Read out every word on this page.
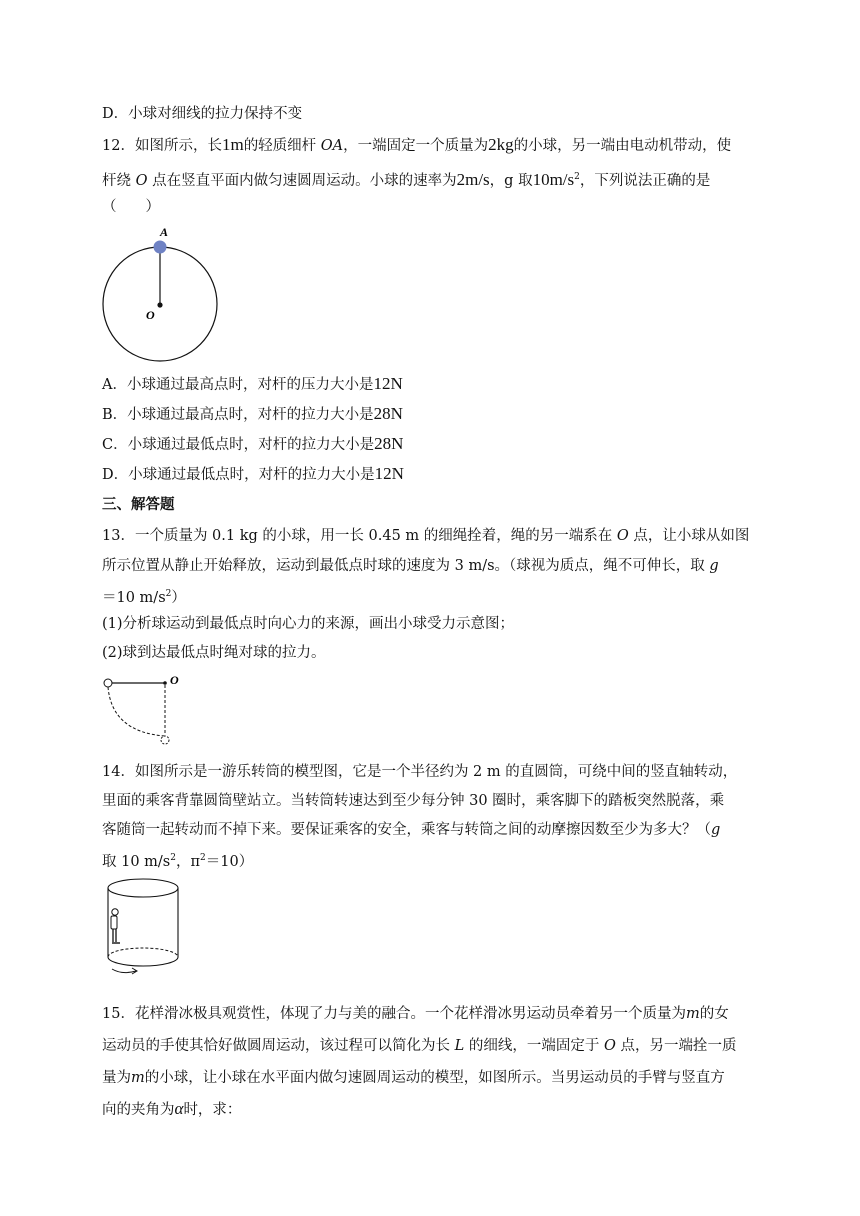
D．小球对细线的拉力保持不变
12．如图所示，长1m的轻质细杆 OA，一端固定一个质量为2kg的小球，另一端由电动机带动，使
杆绕 O 点在竖直平面内做匀速圆周运动。小球的速率为2m/s，g 取$10m/s^2$，下列说法正确的是
（　　）
A
O
A．小球通过最高点时，对杆的压力大小是12N
B．小球通过最高点时，对杆的拉力大小是28N
C．小球通过最低点时，对杆的拉力大小是28N
D．小球通过最低点时，对杆的拉力大小是12N
三、解答题
13．一个质量为 0.1 kg 的小球，用一长 0.45 m 的细绳拴着，绳的另一端系在 O 点，让小球从如图
所示位置从静止开始释放，运动到最低点时球的速度为 3 m/s。（球视为质点，绳不可伸长，取 g
＝10 $m/s^2$）
(1)分析球运动到最低点时向心力的来源，画出小球受力示意图；
(2)球到达最低点时绳对球的拉力。
O
14．如图所示是一游乐转筒的模型图，它是一个半径约为 2 m 的直圆筒，可绕中间的竖直轴转动，
里面的乘客背靠圆筒壁站立。当转筒转速达到至少每分钟 30 圈时，乘客脚下的踏板突然脱落，乘
客随筒一起转动而不掉下来。要保证乘客的安全，乘客与转筒之间的动摩擦因数至少为多大？（g
取 10 $m/s^2$，$\pi^2=10$）
15．花样滑冰极具观赏性，体现了力与美的融合。一个花样滑冰男运动员牵着另一个质量为m的女
运动员的手使其恰好做圆周运动，该过程可以简化为长 L 的细线，一端固定于 O 点，另一端拴一质
量为m的小球，让小球在水平面内做匀速圆周运动的模型，如图所示。当男运动员的手臂与竖直方
向的夹角为α时，求：
